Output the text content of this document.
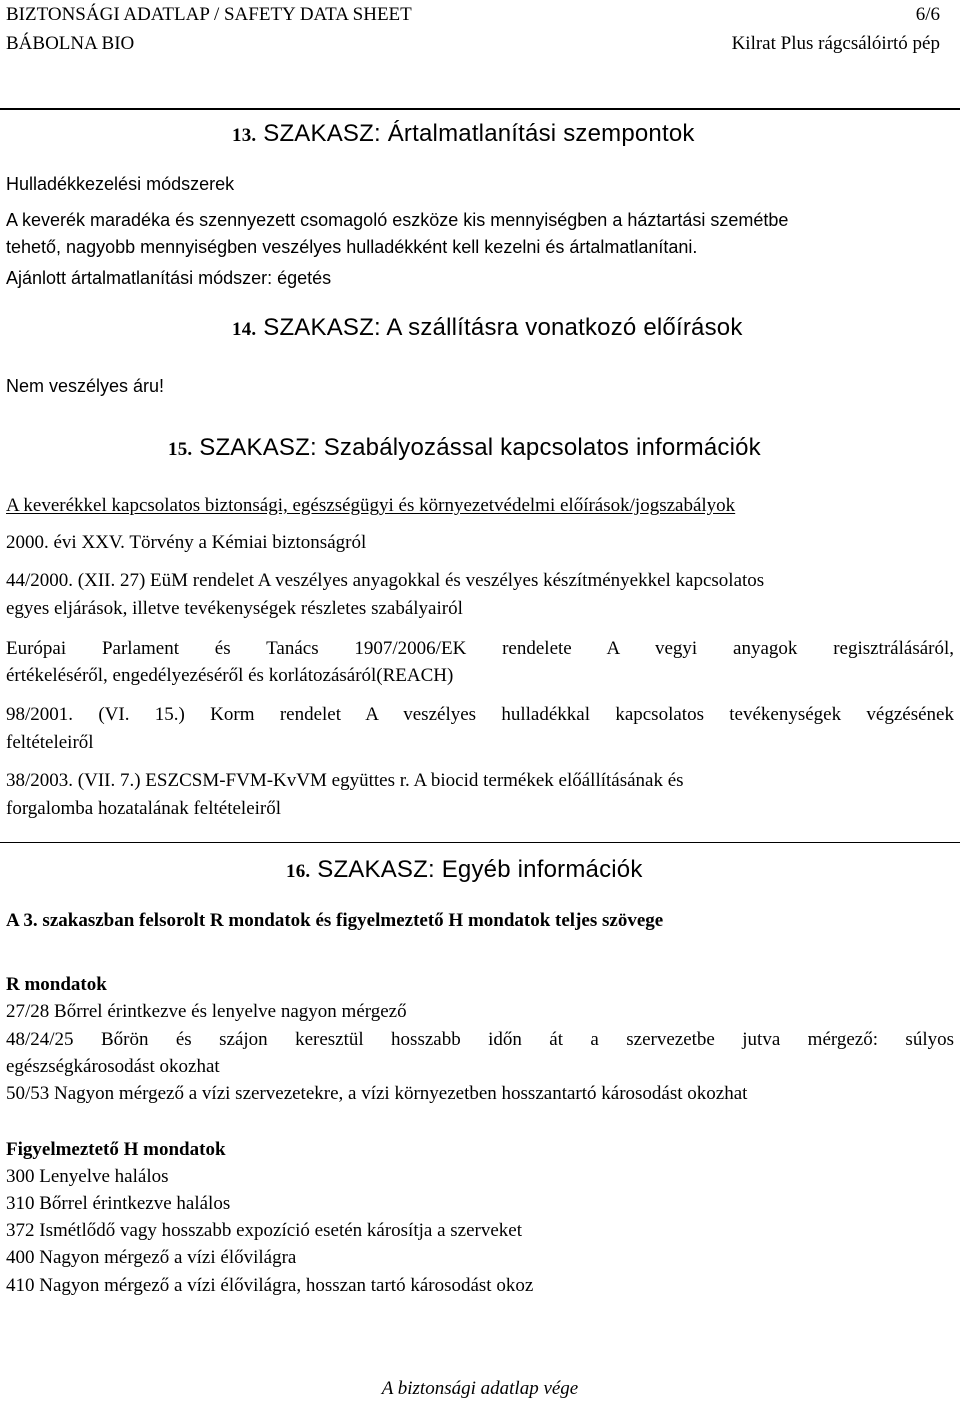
BIZTONSÁGI ADATLAP / SAFETY DATA SHEET	6/6
BÁBOLNA BIO	Kilrat Plus rágcsálóirtó pép
13. SZAKASZ: Ártalmatlanítási szempontok
Hulladékkezelési módszerek
A keverék maradéka és szennyezett csomagoló eszköze kis mennyiségben a háztartási szemétbe
tehető, nagyobb mennyiségben veszélyes hulladékként kell kezelni és ártalmatlanítani.
Ajánlott ártalmatlanítási módszer: égetés
14. SZAKASZ: A szállításra vonatkozó előírások
Nem veszélyes áru!
15. SZAKASZ: Szabályozással kapcsolatos információk
A keverékkel kapcsolatos biztonsági, egészségügyi és környezetvédelmi előírások/jogszabályok
2000. évi XXV. Törvény a Kémiai biztonságról
44/2000. (XII. 27) EüM rendelet A veszélyes anyagokkal és veszélyes készítményekkel kapcsolatos
egyes eljárások, illetve tevékenységek részletes szabályairól
Európai Parlament és Tanács 1907/2006/EK rendelete A vegyi anyagok regisztrálásáról,
értékeléséről, engedélyezéséről és korlátozásáról(REACH)
98/2001. (VI. 15.) Korm rendelet A veszélyes hulladékkal kapcsolatos tevékenységek végzésének
feltételeiről
38/2003. (VII. 7.) ESZCSM-FVM-KvVM együttes r. A biocid termékek előállításának és
forgalomba hozatalának feltételeiről
16. SZAKASZ: Egyéb információk
A 3. szakaszban felsorolt R mondatok és figyelmeztető H mondatok teljes szövege
R mondatok
27/28 Bőrrel érintkezve és lenyelve nagyon mérgező
48/24/25 Bőrön és szájon keresztül hosszabb időn át a szervezetbe jutva mérgező: súlyos
egészségkárosodást okozhat
50/53 Nagyon mérgező a vízi szervezetekre, a vízi környezetben hosszantartó károsodást okozhat
Figyelmeztető H mondatok
300 Lenyelve halálos
310 Bőrrel érintkezve halálos
372 Ismétlődő vagy hosszabb expozíció esetén károsítja a szerveket
400 Nagyon mérgező a vízi élővilágra
410 Nagyon mérgező a vízi élővilágra, hosszan tartó károsodást okoz
A biztonsági adatlap vége
